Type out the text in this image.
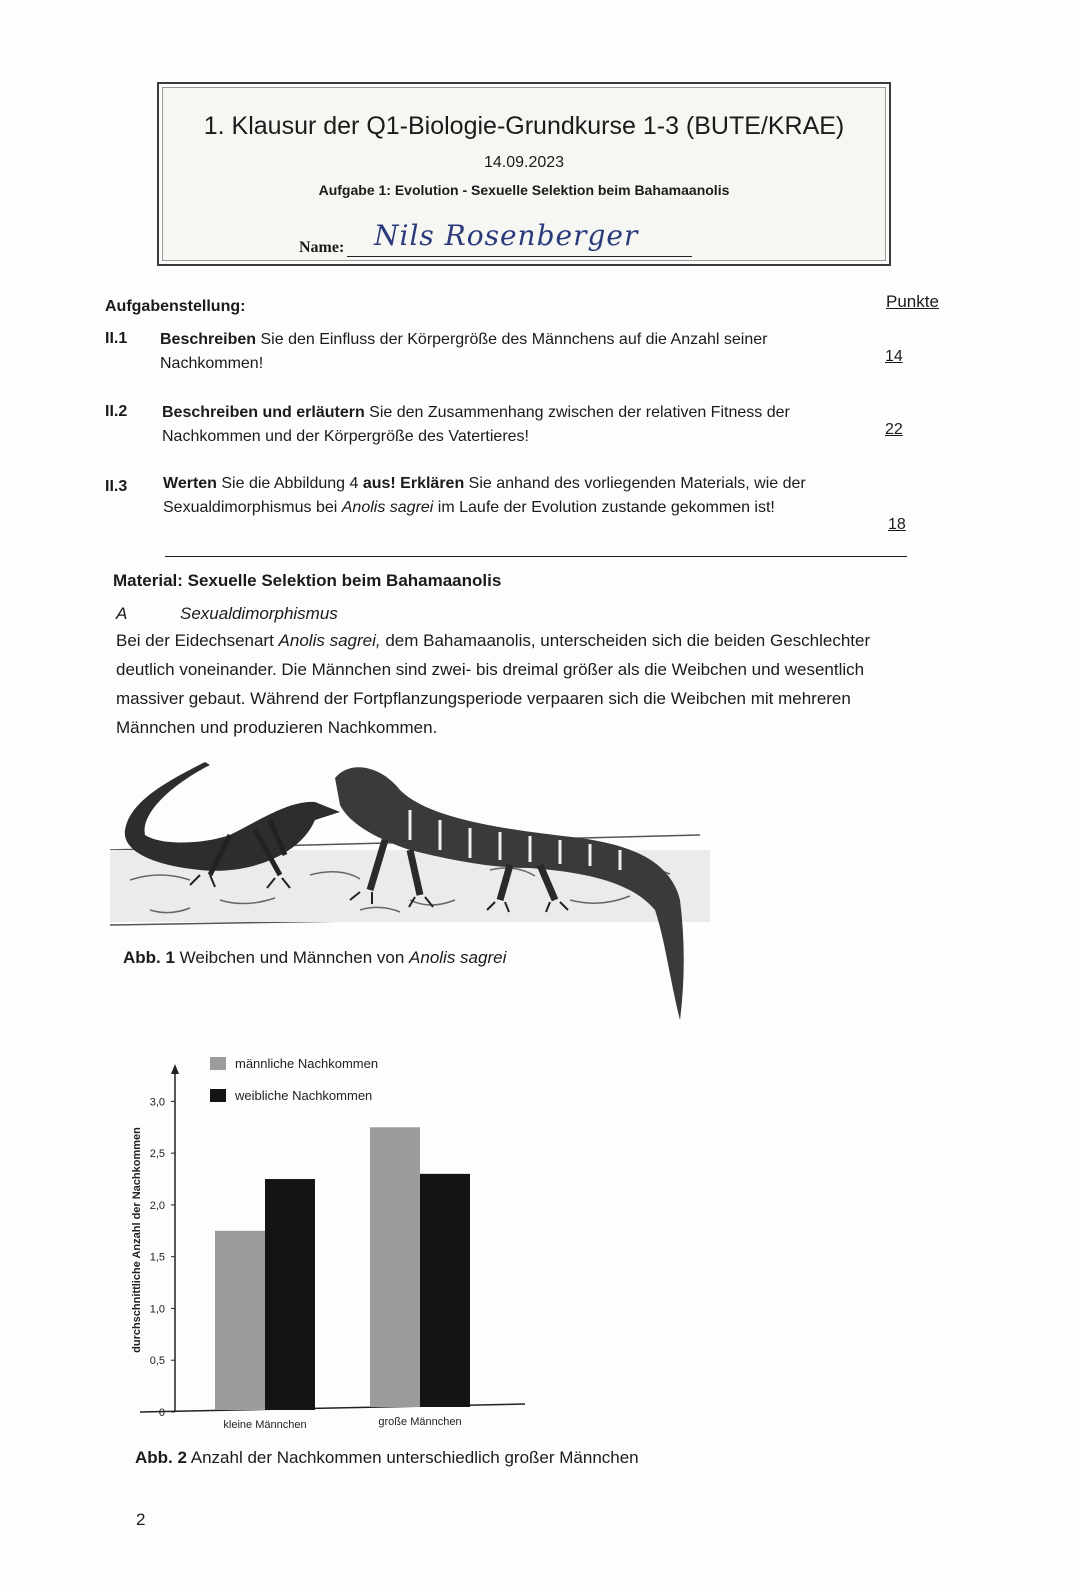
1. Klausur der Q1-Biologie-Grundkurse 1-3 (BUTE/KRAE)
14.09.2023
Aufgabe 1: Evolution - Sexuelle Selektion beim Bahamaanolis
Name: Nils Rosenberger
Aufgabenstellung:	Punkte
II.1 Beschreiben Sie den Einfluss der Körpergröße des Männchens auf die Anzahl seiner
Nachkommen!	14
II.2 Beschreiben und erläutern Sie den Zusammenhang zwischen der relativen Fitness der
Nachkommen und der Körpergröße des Vatertieres!	22
II.3 Werten Sie die Abbildung 4 aus! Erklären Sie anhand des vorliegenden Materials, wie der
Sexualdimorphismus bei Anolis sagrei im Laufe der Evolution zustande gekommen ist!
18
Material: Sexuelle Selektion beim Bahamaanolis
A	Sexualdimorphismus
Bei der Eidechsenart Anolis sagrei, dem Bahamaanolis, unterscheiden sich die beiden Geschlechter
deutlich voneinander. Die Männchen sind zwei- bis dreimal größer als die Weibchen und wesentlich
massiver gebaut. Während der Fortpflanzungsperiode verpaaren sich die Weibchen mit mehreren
Männchen und produzieren Nachkommen.
Abb. 1 Weibchen und Männchen von Anolis sagrei
durchschnittliche Anzahl der Nachkommen
0
0,5
1,0
1,5
2,0
2,5
3,0
kleine Männchen	große Männchen
männliche Nachkommen
weibliche Nachkommen
Abb. 2 Anzahl der Nachkommen unterschiedlich großer Männchen
2
